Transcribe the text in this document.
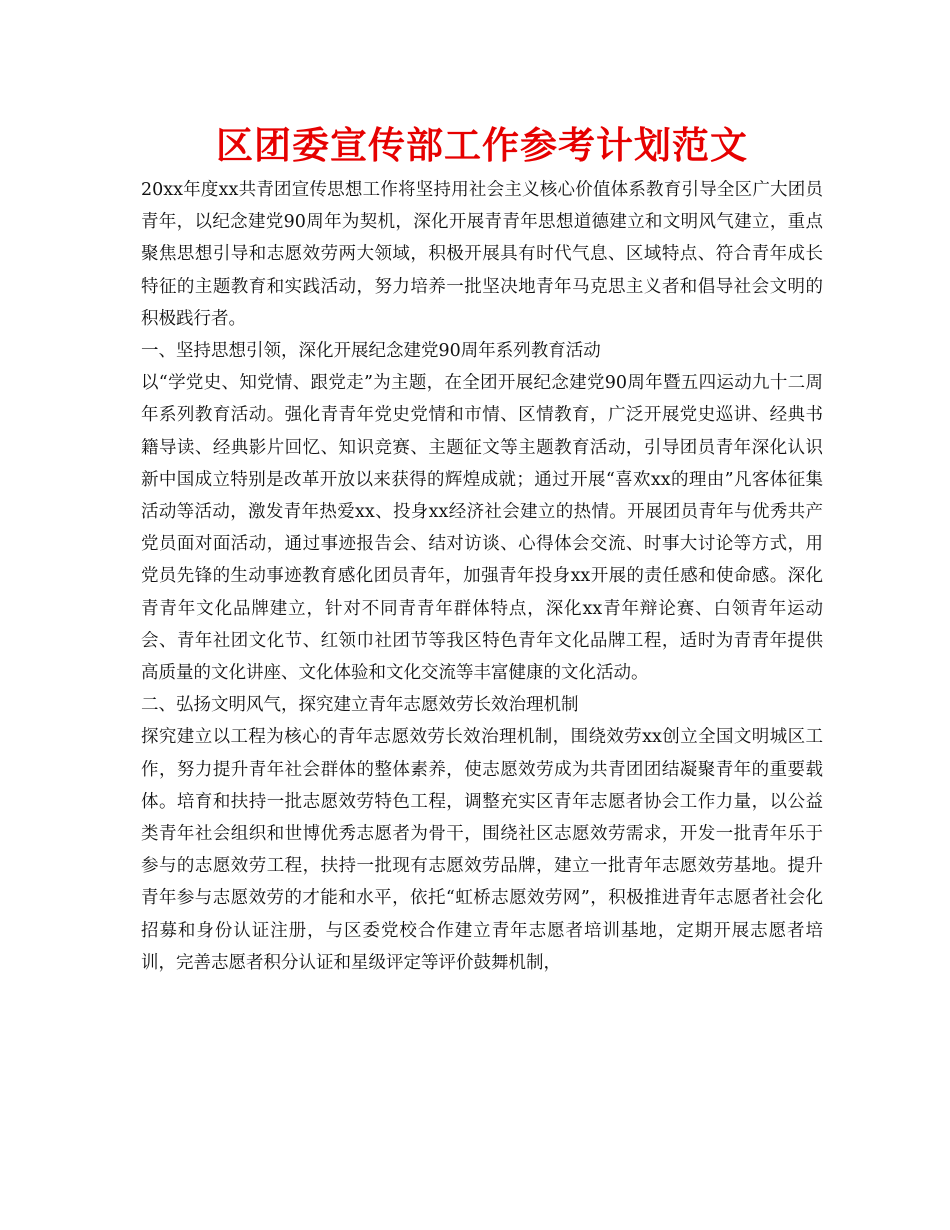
区团委宣传部工作参考计划范文

20xx年度xx共青团宣传思想工作将坚持用社会主义核心价值体系教育引导全区广大团员青年，以纪念建党90周年为契机，深化开展青青年思想道德建立和文明风气建立，重点聚焦思想引导和志愿效劳两大领域，积极开展具有时代气息、区域特点、符合青年成长特征的主题教育和实践活动，努力培养一批坚决地青年马克思主义者和倡导社会文明的积极践行者。

一、坚持思想引领，深化开展纪念建党90周年系列教育活动

以“学党史、知党情、跟党走”为主题，在全团开展纪念建党90周年暨五四运动九十二周年系列教育活动。强化青青年党史党情和市情、区情教育，广泛开展党史巡讲、经典书籍导读、经典影片回忆、知识竞赛、主题征文等主题教育活动，引导团员青年深化认识新中国成立特别是改革开放以来获得的辉煌成就；通过开展“喜欢xx的理由”凡客体征集活动等活动，激发青年热爱xx、投身xx经济社会建立的热情。开展团员青年与优秀共产党员面对面活动，通过事迹报告会、结对访谈、心得体会交流、时事大讨论等方式，用党员先锋的生动事迹教育感化团员青年，加强青年投身xx开展的责任感和使命感。深化青青年文化品牌建立，针对不同青青年群体特点，深化xx青年辩论赛、白领青年运动会、青年社团文化节、红领巾社团节等我区特色青年文化品牌工程，适时为青青年提供高质量的文化讲座、文化体验和文化交流等丰富健康的文化活动。

二、弘扬文明风气，探究建立青年志愿效劳长效治理机制

探究建立以工程为核心的青年志愿效劳长效治理机制，围绕效劳xx创立全国文明城区工作，努力提升青年社会群体的整体素养，使志愿效劳成为共青团团结凝聚青年的重要载体。培育和扶持一批志愿效劳特色工程，调整充实区青年志愿者协会工作力量，以公益类青年社会组织和世博优秀志愿者为骨干，围绕社区志愿效劳需求，开发一批青年乐于参与的志愿效劳工程，扶持一批现有志愿效劳品牌，建立一批青年志愿效劳基地。提升青年参与志愿效劳的才能和水平，依托“虹桥志愿效劳网”，积极推进青年志愿者社会化招募和身份认证注册，与区委党校合作建立青年志愿者培训基地，定期开展志愿者培训，完善志愿者积分认证和星级评定等评价鼓舞机制，
